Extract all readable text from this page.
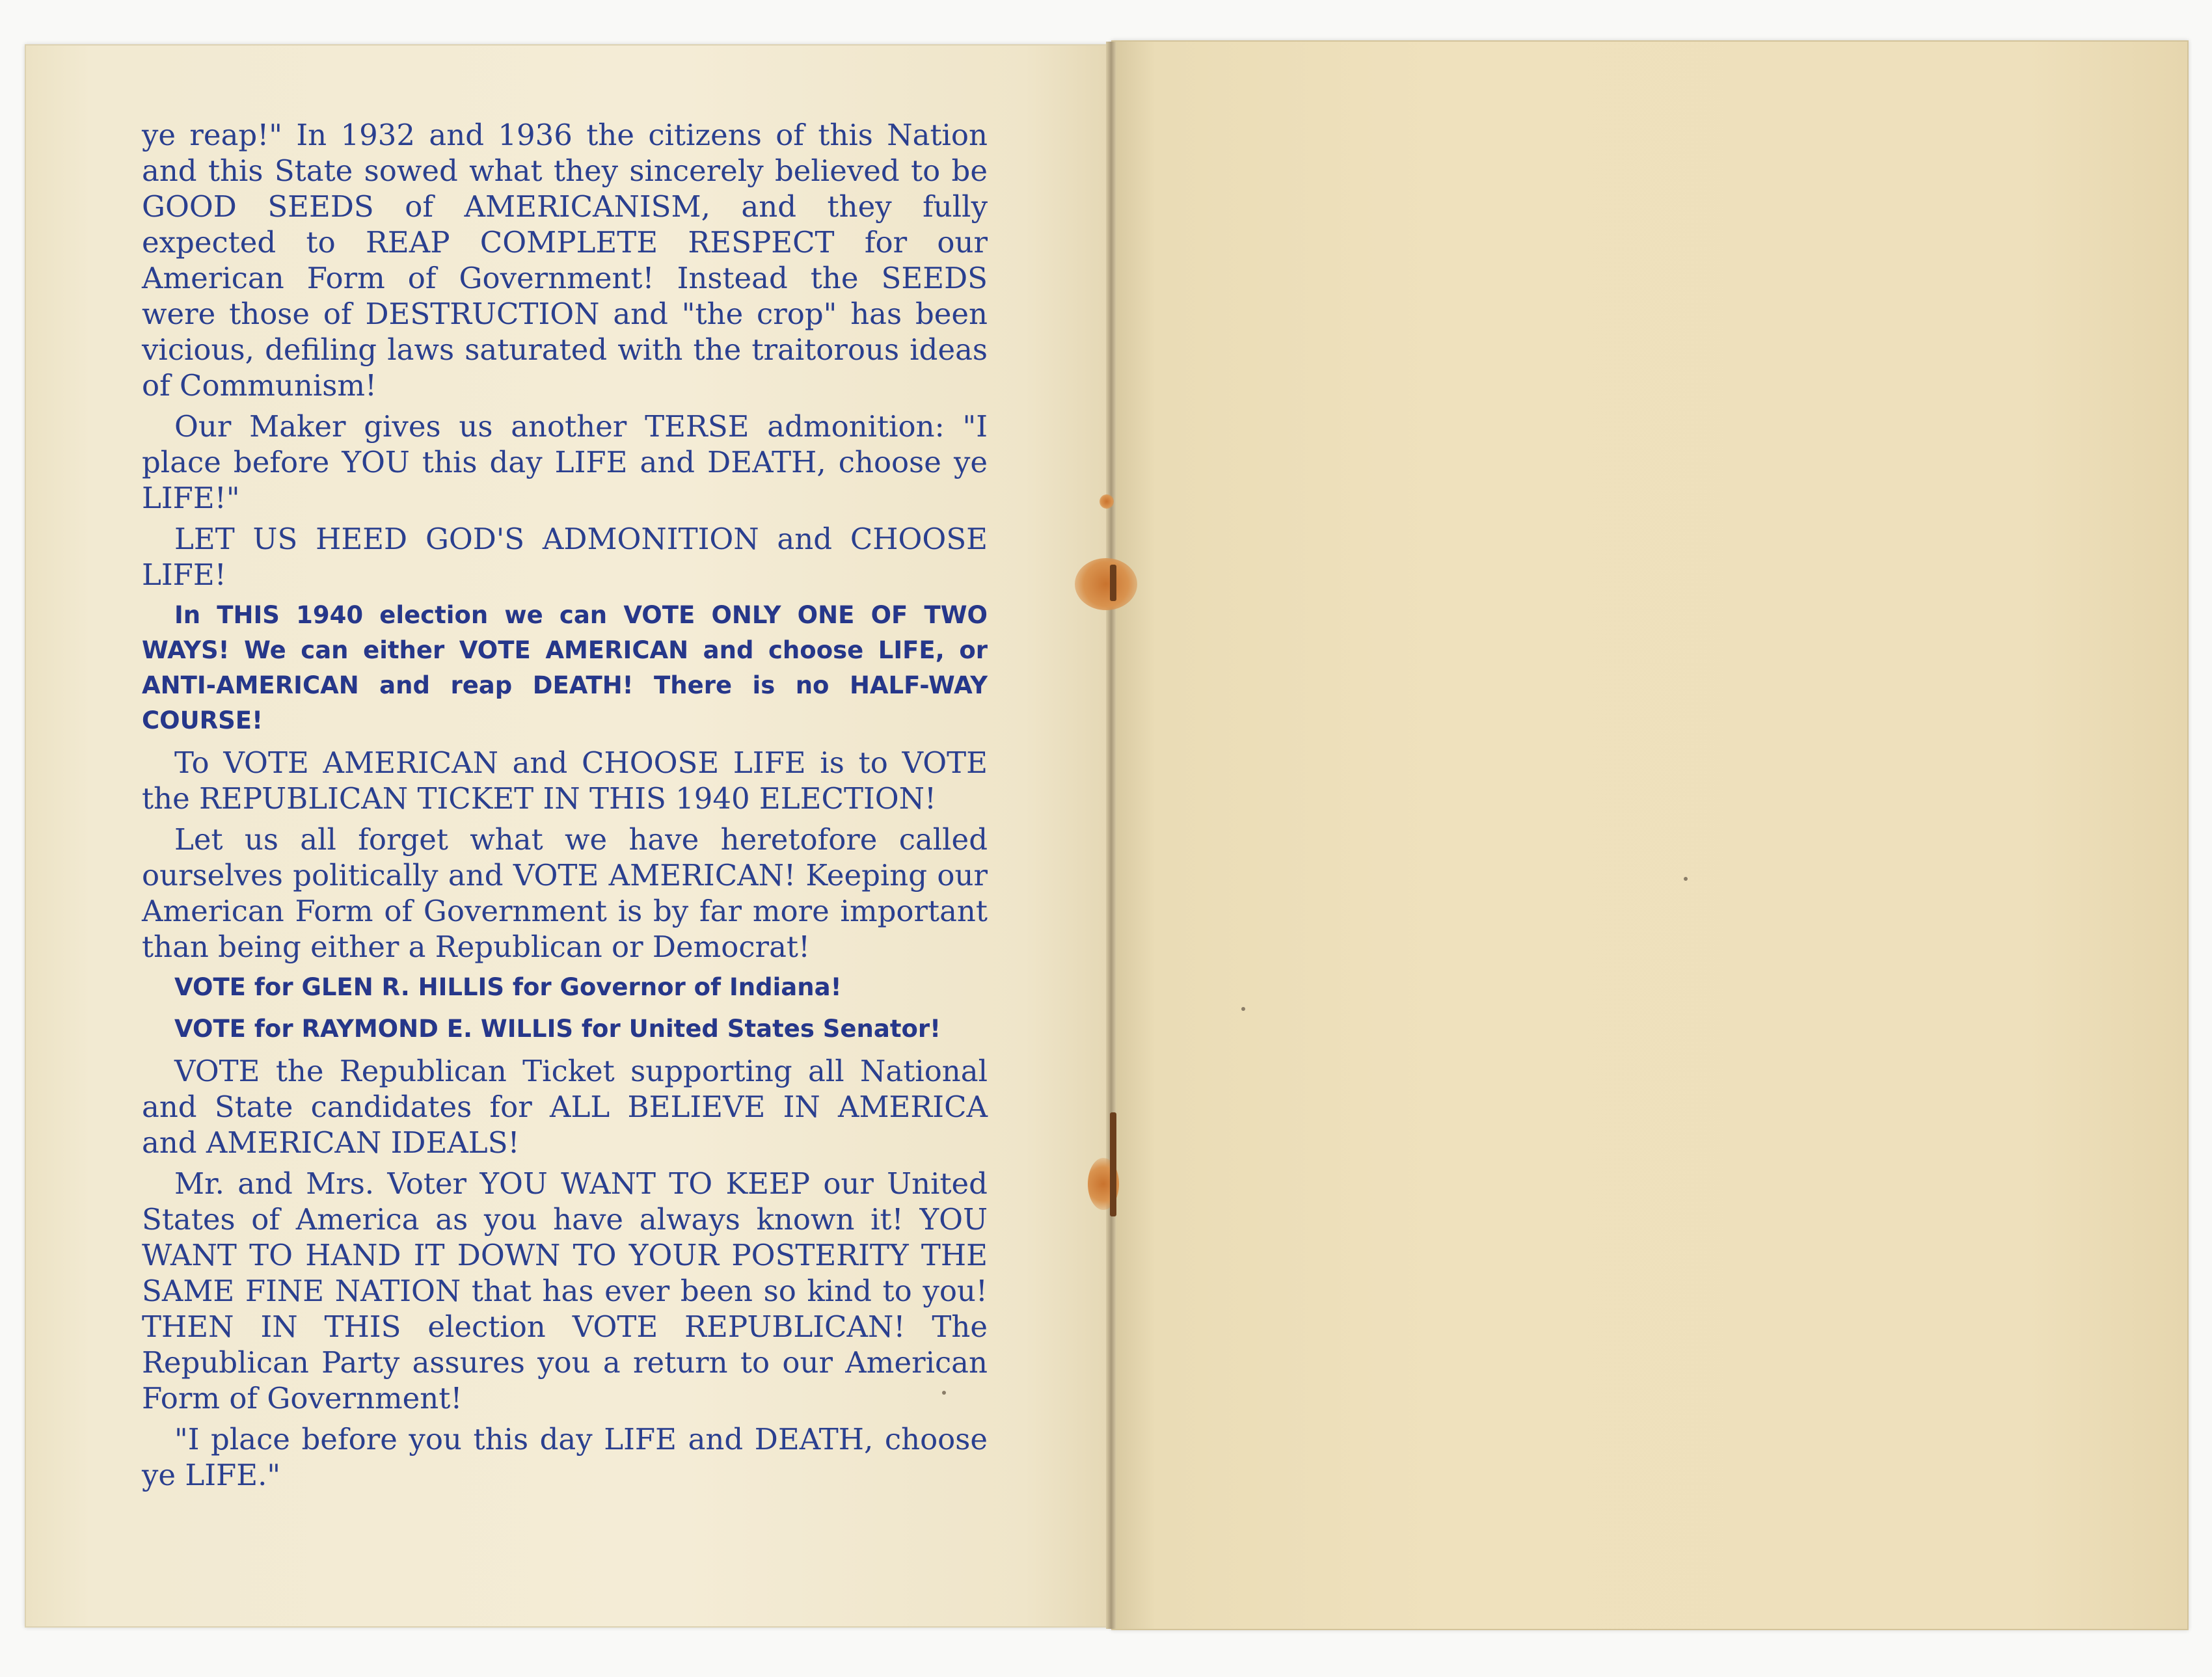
ye reap!" In 1932 and 1936 the citizens of this Nation and this State sowed what they sincerely believed to be GOOD SEEDS of AMERICANISM, and they fully expected to REAP COMPLETE RESPECT for our American Form of Government! Instead the SEEDS were those of DESTRUCTION and "the crop" has been vicious, defiling laws saturated with the traitorous ideas of Communism!

Our Maker gives us another TERSE admonition: "I place before YOU this day LIFE and DEATH, choose ye LIFE!"

LET US HEED GOD'S ADMONITION and CHOOSE LIFE!

In THIS 1940 election we can VOTE ONLY ONE OF TWO WAYS! We can either VOTE AMERICAN and choose LIFE, or ANTI-AMERICAN and reap DEATH! There is no HALF-WAY COURSE!

To VOTE AMERICAN and CHOOSE LIFE is to VOTE the REPUBLICAN TICKET IN THIS 1940 ELECTION!

Let us all forget what we have heretofore called ourselves politically and VOTE AMERICAN! Keeping our American Form of Government is by far more important than being either a Republican or Democrat!

VOTE for GLEN R. HILLIS for Governor of Indiana!

VOTE for RAYMOND E. WILLIS for United States Senator!

VOTE the Republican Ticket supporting all National and State candidates for ALL BELIEVE IN AMERICA and AMERICAN IDEALS!

Mr. and Mrs. Voter YOU WANT TO KEEP our United States of America as you have always known it! YOU WANT TO HAND IT DOWN TO YOUR POSTERITY THE SAME FINE NATION that has ever been so kind to you! THEN IN THIS election VOTE REPUBLICAN! The Republican Party assures you a return to our American Form of Government!

"I place before you this day LIFE and DEATH, choose ye LIFE."
